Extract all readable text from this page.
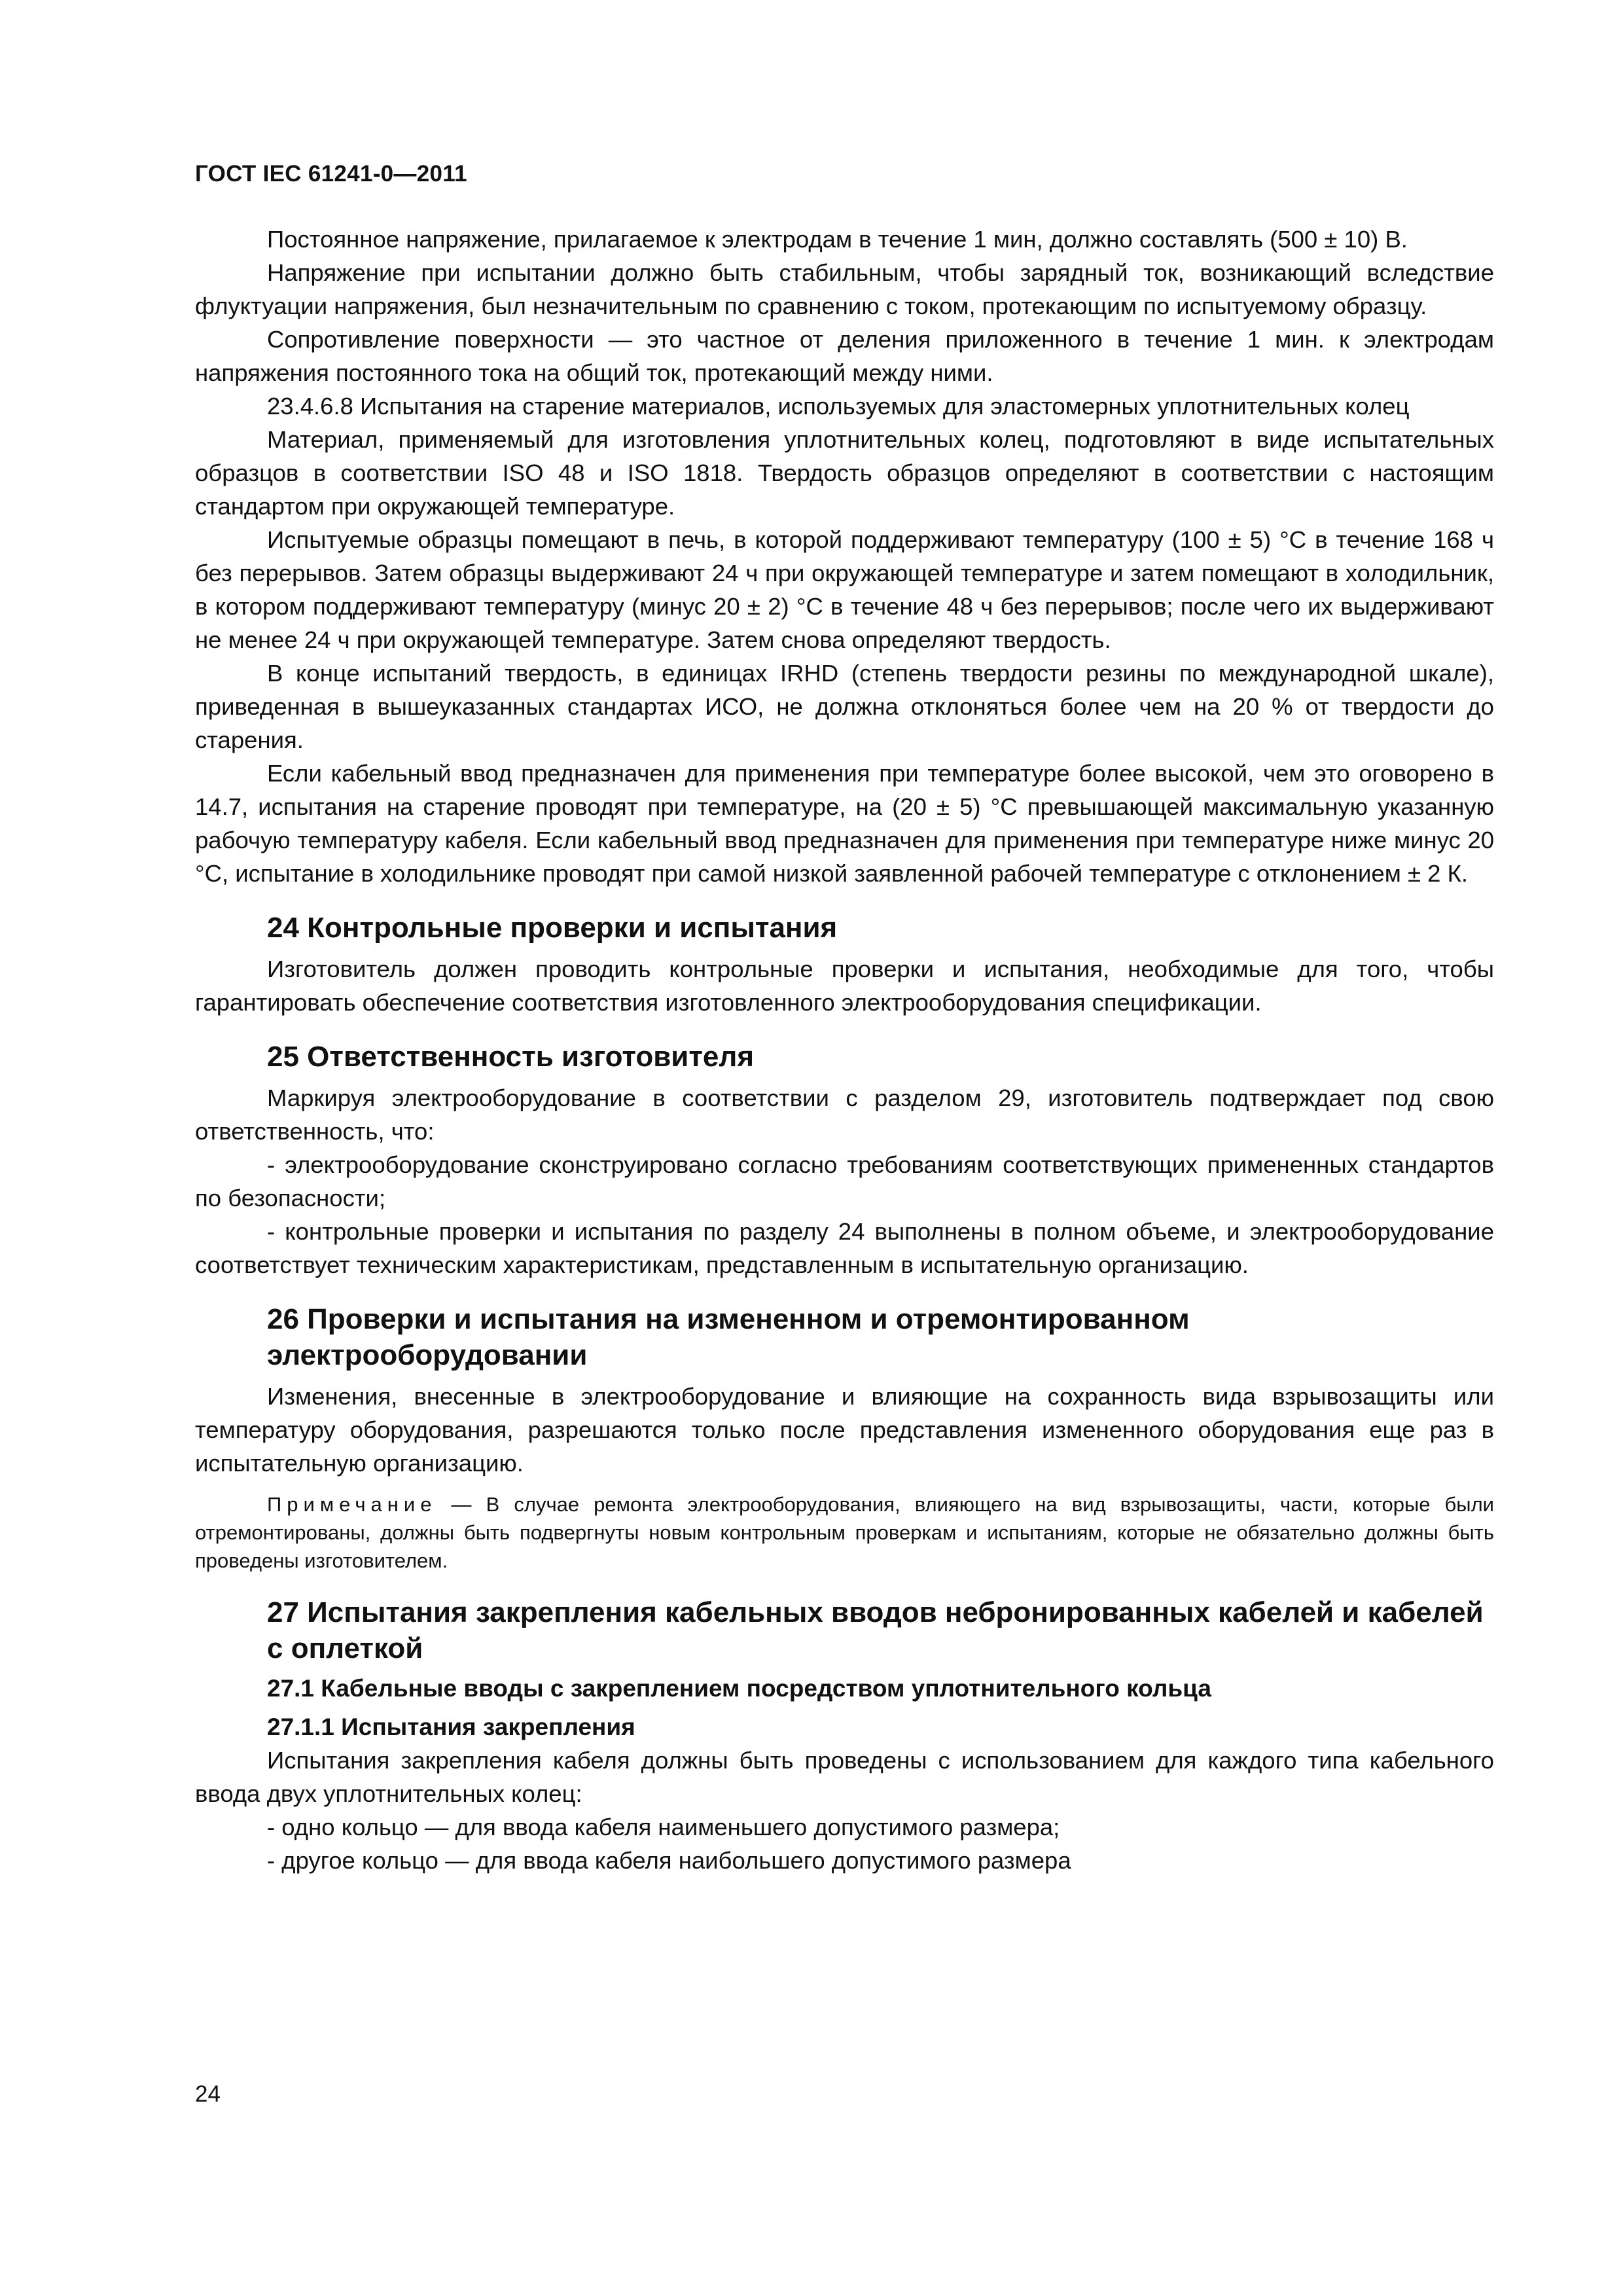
ГОСТ IEC 61241-0—2011

Постоянное напряжение, прилагаемое к электродам в течение 1 мин, должно составлять (500 ± 10) В.

Напряжение при испытании должно быть стабильным, чтобы зарядный ток, возникающий вследствие флуктуации напряжения, был незначительным по сравнению с током, протекающим по испытуемому образцу.

Сопротивление поверхности — это частное от деления приложенного в течение 1 мин. к электродам напряжения постоянного тока на общий ток, протекающий между ними.

23.4.6.8 Испытания на старение материалов, используемых для эластомерных уплотнительных колец

Материал, применяемый для изготовления уплотнительных колец, подготовляют в виде испытательных образцов в соответствии ISO 48 и ISO 1818. Твердость образцов определяют в соответствии с настоящим стандартом при окружающей температуре.

Испытуемые образцы помещают в печь, в которой поддерживают температуру (100 ± 5) °С в течение 168 ч без перерывов. Затем образцы выдерживают 24 ч при окружающей температуре и затем помещают в холодильник, в котором поддерживают температуру (минус 20 ± 2) °С в течение 48 ч без перерывов; после чего их выдерживают не менее 24 ч при окружающей температуре. Затем снова определяют твердость.

В конце испытаний твердость, в единицах IRHD (степень твердости резины по международной шкале), приведенная в вышеуказанных стандартах ИСО, не должна отклоняться более чем на 20 % от твердости до старения.

Если кабельный ввод предназначен для применения при температуре более высокой, чем это оговорено в 14.7, испытания на старение проводят при температуре, на (20 ± 5) °С превышающей максимальную указанную рабочую температуру кабеля. Если кабельный ввод предназначен для применения при температуре ниже минус 20 °С, испытание в холодильнике проводят при самой низкой заявленной рабочей температуре с отклонением ± 2 К.

24 Контрольные проверки и испытания

Изготовитель должен проводить контрольные проверки и испытания, необходимые для того, чтобы гарантировать обеспечение соответствия изготовленного электрооборудования спецификации.

25 Ответственность изготовителя

Маркируя электрооборудование в соответствии с разделом 29, изготовитель подтверждает под свою ответственность, что:

- электрооборудование сконструировано согласно требованиям соответствующих примененных стандартов по безопасности;

- контрольные проверки и испытания по разделу 24 выполнены в полном объеме, и электрооборудование соответствует техническим характеристикам, представленным в испытательную организацию.

26 Проверки и испытания на измененном и отремонтированном электрооборудовании

Изменения, внесенные в электрооборудование и влияющие на сохранность вида взрывозащиты или температуру оборудования, разрешаются только после представления измененного оборудования еще раз в испытательную организацию.

Примечание — В случае ремонта электрооборудования, влияющего на вид взрывозащиты, части, которые были отремонтированы, должны быть подвергнуты новым контрольным проверкам и испытаниям, которые не обязательно должны быть проведены изготовителем.

27 Испытания закрепления кабельных вводов небронированных кабелей и кабелей с оплеткой
27.1 Кабельные вводы с закреплением посредством уплотнительного кольца
27.1.1 Испытания закрепления

Испытания закрепления кабеля должны быть проведены с использованием для каждого типа кабельного ввода двух уплотнительных колец:

- одно кольцо — для ввода кабеля наименьшего допустимого размера;

- другое кольцо — для ввода кабеля наибольшего допустимого размера

24
